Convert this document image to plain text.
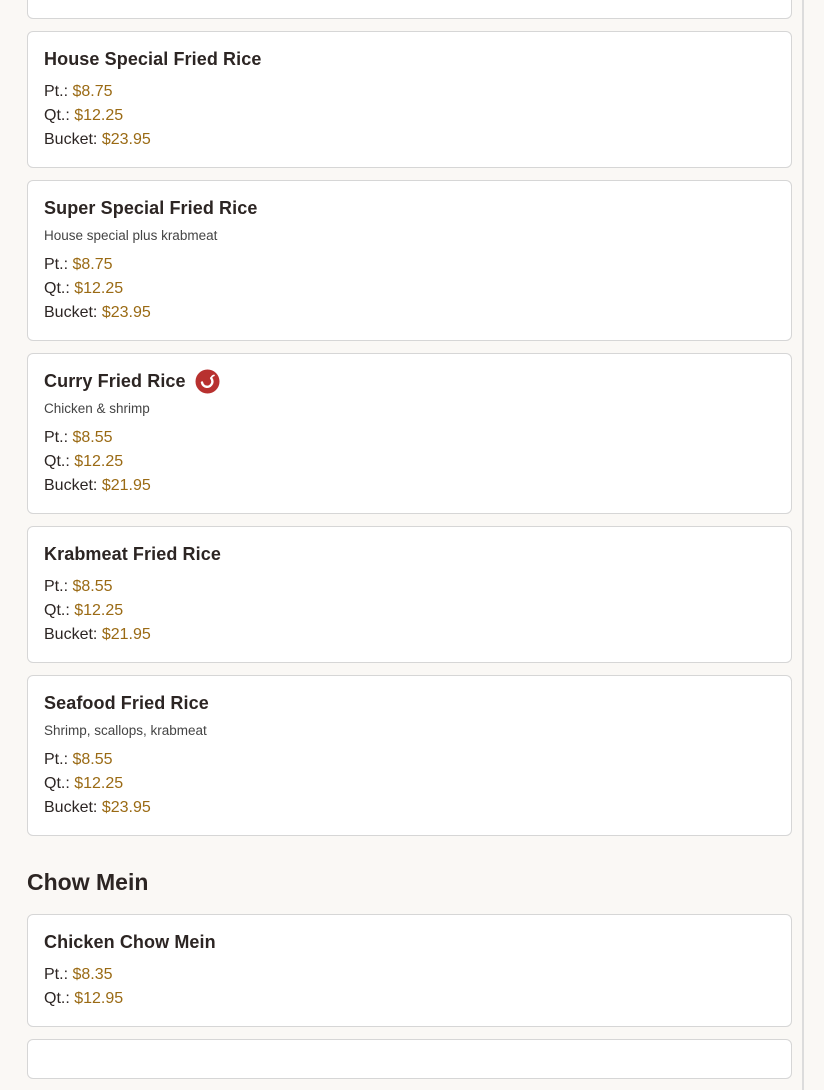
House Special Fried Rice
Pt.: $8.75
Qt.: $12.25
Bucket: $23.95
Super Special Fried Rice
House special plus krabmeat
Pt.: $8.75
Qt.: $12.25
Bucket: $23.95
Curry Fried Rice
Chicken & shrimp
Pt.: $8.55
Qt.: $12.25
Bucket: $21.95
Krabmeat Fried Rice
Pt.: $8.55
Qt.: $12.25
Bucket: $21.95
Seafood Fried Rice
Shrimp, scallops, krabmeat
Pt.: $8.55
Qt.: $12.25
Bucket: $23.95
Chow Mein
Chicken Chow Mein
Pt.: $8.35
Qt.: $12.95
